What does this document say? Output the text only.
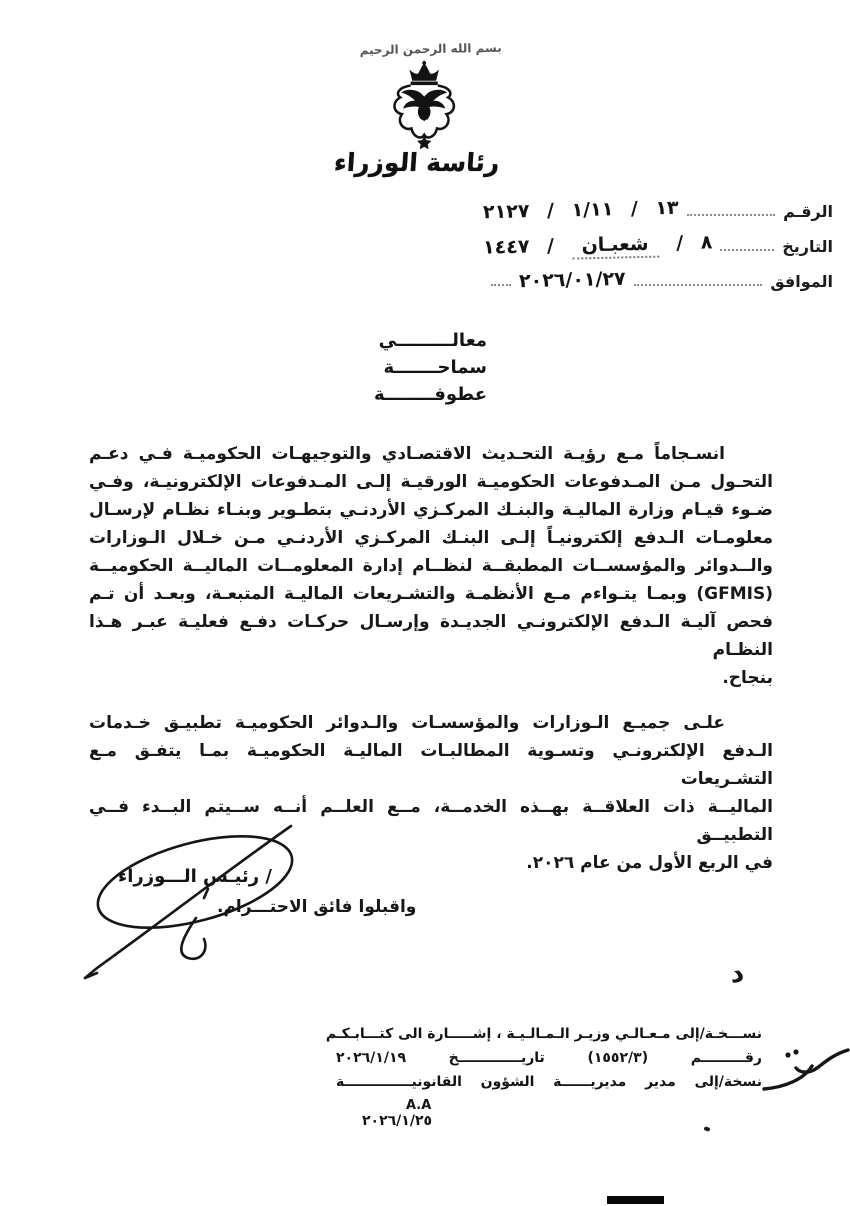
بسم الله الرحمن الرحيم
رئاسة الوزراء
الرقـم
١٣ / ١/١١ / ٢١٢٧
التاريخ
٨ / شعبـان / ١٤٤٧
الموافق
٢٠٢٦/٠١/٢٧
معالـــــــــي
سماحـــــــة
عطوفــــــــة
انسـجاماً مـع رؤيـة التحـديث الاقتصـادي والتوجيهـات الحكوميـة فـي دعـم
التحـول مـن المـدفوعات الحكوميـة الورقيـة إلـى المـدفوعات الإلكترونيـة، وفـي
ضـوء قيـام وزارة الماليـة والبنـك المركـزي الأردنـي بتطـوير وبنـاء نظـام لإرسـال
معلومـات الـدفع إلكترونيـاً إلـى البنـك المركـزي الأردنـي مـن خـلال الـوزارات
والــدوائر والمؤسســات المطبقــة لنظــام إدارة المعلومــات الماليــة الحكوميــة
(GFMIS) وبمـا يتـواءم مـع الأنظمـة والتشـريعات الماليـة المتبعـة، وبعـد أن تـم
فحص آليـة الـدفع الإلكترونـي الجديـدة وإرسـال حركـات دفـع فعليـة عبـر هـذا النظـام
بنجاح.
علـى جميـع الـوزارات والمؤسسـات والـدوائر الحكوميـة تطبيـق خـدمات
الـدفع الإلكترونـي وتسـوية المطالبـات الماليـة الحكوميـة بمـا يتفـق مـع التشـريعات
الماليــة ذات العلاقــة بهــذه الخدمــة، مــع العلــم أنــه ســيتم البــدء فــي التطبيــق
في الربع الأول من عام ٢٠٢٦.
واقبلوا فائق الاحتـــرام.
/ رئيـس الـــوزراء
د
نســـخـة/إلى مـعـالـي وزيـر الـمـالـيـة ، إشـــــارة الى كتـــابـكـم
رقـــــــــم (١٥٥٢/٣) تاريـــــــــــــخ ٢٠٢٦/١/١٩
نسخة/إلى مدير مديريــــــة الشؤون القانونيــــــــــــــة
A.A
٢٠٢٦/١/٢٥
